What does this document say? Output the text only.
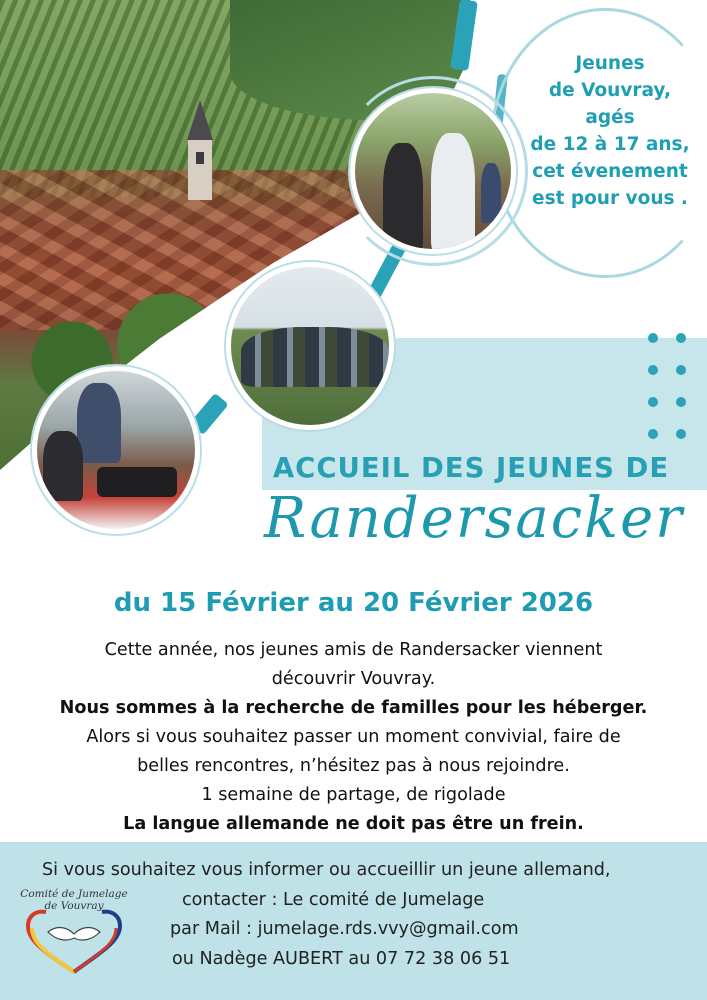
Jeunes
de Vouvray,
agés
de 12 à 17 ans,
cet évenement
est pour vous .
ACCUEIL DES JEUNES DE
Randersacker
du 15 Février au 20 Février 2026
Cette année, nos jeunes amis de Randersacker viennent
découvrir Vouvray.
Nous sommes à la recherche de familles pour les héberger.
Alors si vous souhaitez passer un moment convivial, faire de
belles rencontres, n’hésitez pas à nous rejoindre.
1 semaine de partage, de rigolade
La langue allemande ne doit pas être un frein.
Comité de Jumelage
de Vouvray
Si vous souhaitez vous informer ou accueillir un jeune allemand,
contacter : Le comité de Jumelage
par Mail : jumelage.rds.vvy@gmail.com
ou Nadège AUBERT au 07 72 38 06 51
